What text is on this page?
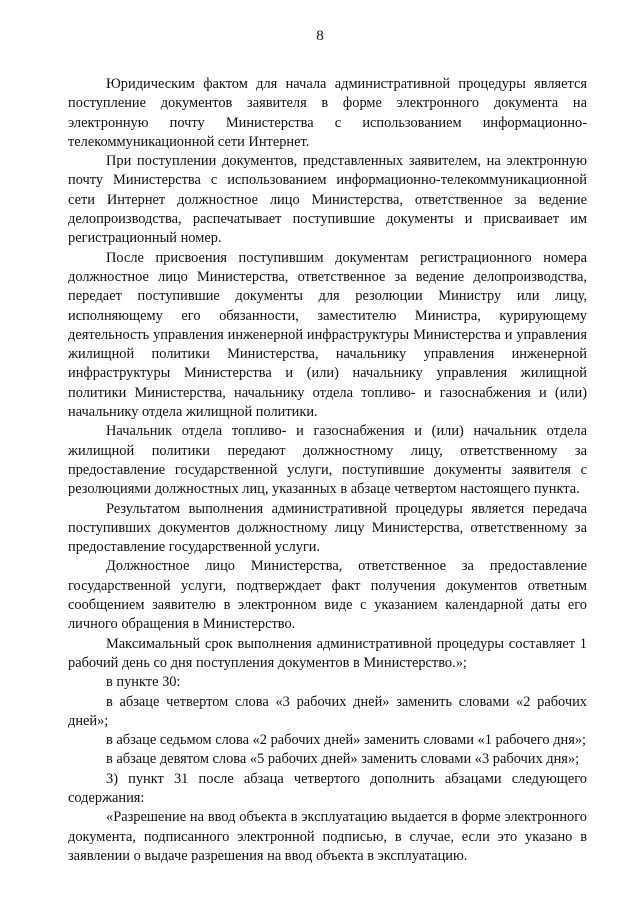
8

Юридическим фактом для начала административной процедуры является поступление документов заявителя в форме электронного документа на электронную почту Министерства с использованием информационно-телекоммуникационной сети Интернет.

При поступлении документов, представленных заявителем, на электронную почту Министерства с использованием информационно-телекоммуникационной сети Интернет должностное лицо Министерства, ответственное за ведение делопроизводства, распечатывает поступившие документы и присваивает им регистрационный номер.

После присвоения поступившим документам регистрационного номера должностное лицо Министерства, ответственное за ведение делопроизводства, передает поступившие документы для резолюции Министру или лицу, исполняющему его обязанности, заместителю Министра, курирующему деятельность управления инженерной инфраструктуры Министерства и управления жилищной политики Министерства, начальнику управления инженерной инфраструктуры Министерства и (или) начальнику управления жилищной политики Министерства, начальнику отдела топливо- и газоснабжения и (или) начальнику отдела жилищной политики.

Начальник отдела топливо- и газоснабжения и (или) начальник отдела жилищной политики передают должностному лицу, ответственному за предоставление государственной услуги, поступившие документы заявителя с резолюциями должностных лиц, указанных в абзаце четвертом настоящего пункта.

Результатом выполнения административной процедуры является передача поступивших документов должностному лицу Министерства, ответственному за предоставление государственной услуги.

Должностное лицо Министерства, ответственное за предоставление государственной услуги, подтверждает факт получения документов ответным сообщением заявителю в электронном виде с указанием календарной даты его личного обращения в Министерство.

Максимальный срок выполнения административной процедуры составляет 1 рабочий день со дня поступления документов в Министерство.»;

в пункте 30:

в абзаце четвертом слова «3 рабочих дней» заменить словами «2 рабочих дней»;

в абзаце седьмом слова «2 рабочих дней» заменить словами «1 рабочего дня»;

в абзаце девятом слова «5 рабочих дней» заменить словами «3 рабочих дня»;

3) пункт 31 после абзаца четвертого дополнить абзацами следующего содержания:

«Разрешение на ввод объекта в эксплуатацию выдается в форме электронного документа, подписанного электронной подписью, в случае, если это указано в заявлении о выдаче разрешения на ввод объекта в эксплуатацию.
